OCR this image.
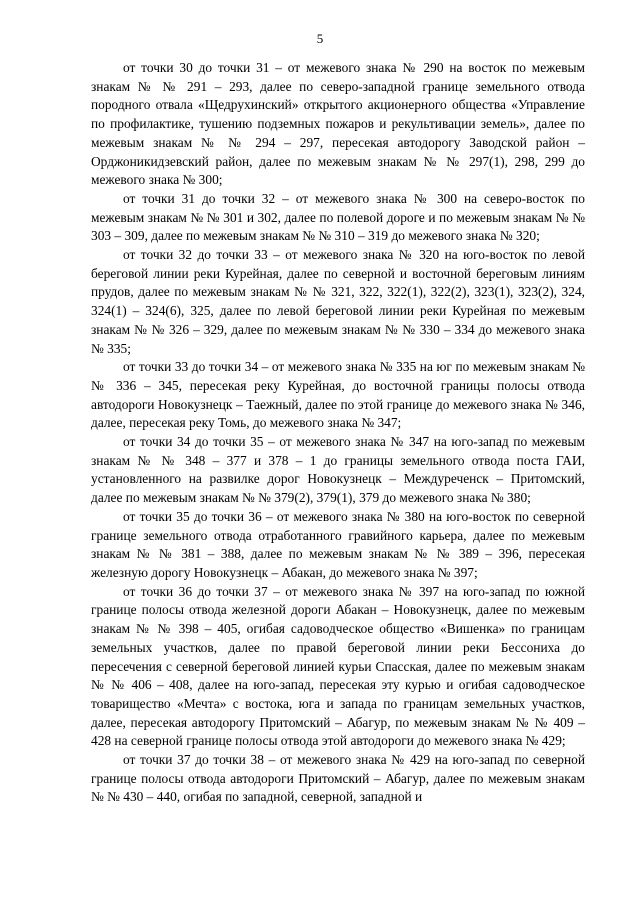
5

от точки 30 до точки 31 – от межевого знака № 290 на восток по межевым знакам № № 291 – 293, далее по северо-западной границе земельного отвода породного отвала «Щедрухинский» открытого акционерного общества «Управление по профилактике, тушению подземных пожаров и рекультивации земель», далее по межевым знакам № № 294 – 297, пересекая автодорогу Заводской район – Орджоникидзевский район, далее по межевым знакам № № 297(1), 298, 299 до межевого знака № 300;

от точки 31 до точки 32 – от межевого знака № 300 на северо-восток по межевым знакам № № 301 и 302, далее по полевой дороге и по межевым знакам № № 303 – 309, далее по межевым знакам № № 310 – 319 до межевого знака № 320;

от точки 32 до точки 33 – от межевого знака № 320 на юго-восток по левой береговой линии реки Курейная, далее по северной и восточной береговым линиям прудов, далее по межевым знакам № № 321, 322, 322(1), 322(2), 323(1), 323(2), 324, 324(1) – 324(6), 325, далее по левой береговой линии реки Курейная по межевым знакам № № 326 – 329, далее по межевым знакам № № 330 – 334 до межевого знака № 335;

от точки 33 до точки 34 – от межевого знака № 335 на юг по межевым знакам № № 336 – 345, пересекая реку Курейная, до восточной границы полосы отвода автодороги Новокузнецк – Таежный, далее по этой границе до межевого знака № 346, далее, пересекая реку Томь, до межевого знака № 347;

от точки 34 до точки 35 – от межевого знака № 347 на юго-запад по межевым знакам № № 348 – 377 и 378 – 1 до границы земельного отвода поста ГАИ, установленного на развилке дорог Новокузнецк – Междуреченск – Притомский, далее по межевым знакам № № 379(2), 379(1), 379 до межевого знака № 380;

от точки 35 до точки 36 – от межевого знака № 380 на юго-восток по северной границе земельного отвода отработанного гравийного карьера, далее по межевым знакам № № 381 – 388, далее по межевым знакам № № 389 – 396, пересекая железную дорогу Новокузнецк – Абакан, до межевого знака № 397;

от точки 36 до точки 37 – от межевого знака № 397 на юго-запад по южной границе полосы отвода железной дороги Абакан – Новокузнецк, далее по межевым знакам № № 398 – 405, огибая садоводческое общество «Вишенка» по границам земельных участков, далее по правой береговой линии реки Бессониха до пересечения с северной береговой линией курьи Спасская, далее по межевым знакам № № 406 – 408, далее на юго-запад, пересекая эту курью и огибая садоводческое товарищество «Мечта» с востока, юга и запада по границам земельных участков, далее, пересекая автодорогу Притомский – Абагур, по межевым знакам № № 409 – 428 на северной границе полосы отвода этой автодороги до межевого знака № 429;

от точки 37 до точки 38 – от межевого знака № 429 на юго-запад по северной границе полосы отвода автодороги Притомский – Абагур, далее по межевым знакам № № 430 – 440, огибая по западной, северной, западной и
